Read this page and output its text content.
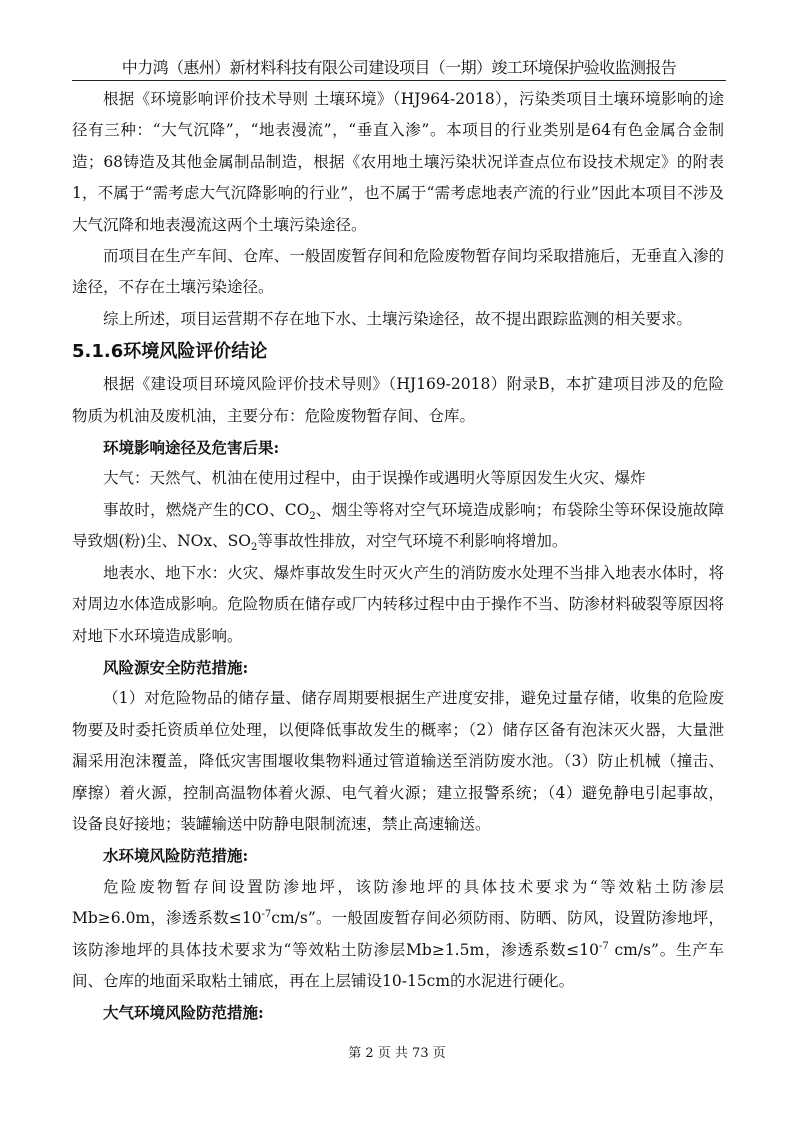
中力鸿（惠州）新材料科技有限公司建设项目（一期）竣工环境保护验收监测报告

根据《环境影响评价技术导则 土壤环境》（HJ964-2018），污染类项目土壤环境影响的途径有三种：“大气沉降”，“地表漫流”，“垂直入渗”。本项目的行业类别是64有色金属合金制造；68铸造及其他金属制品制造，根据《农用地土壤污染状况详查点位布设技术规定》的附表1，不属于“需考虑大气沉降影响的行业”，也不属于“需考虑地表产流的行业”因此本项目不涉及大气沉降和地表漫流这两个土壤污染途径。

而项目在生产车间、仓库、一般固废暂存间和危险废物暂存间均采取措施后，无垂直入渗的途径，不存在土壤污染途径。

综上所述，项目运营期不存在地下水、土壤污染途径，故不提出跟踪监测的相关要求。

5.1.6环境风险评价结论

根据《建设项目环境风险评价技术导则》（HJ169-2018）附录B，本扩建项目涉及的危险物质为机油及废机油，主要分布：危险废物暂存间、仓库。

环境影响途径及危害后果:

大气：天然气、机油在使用过程中，由于误操作或遇明火等原因发生火灾、爆炸

事故时，燃烧产生的CO、$CO_2$、烟尘等将对空气环境造成影响；布袋除尘等环保设施故障导致烟(粉)尘、NOx、$SO_2$等事故性排放，对空气环境不利影响将增加。

地表水、地下水：火灾、爆炸事故发生时灭火产生的消防废水处理不当排入地表水体时，将对周边水体造成影响。危险物质在储存或厂内转移过程中由于操作不当、防渗材料破裂等原因将对地下水环境造成影响。

风险源安全防范措施:

（1）对危险物品的储存量、储存周期要根据生产进度安排，避免过量存储，收集的危险废物要及时委托资质单位处理，以便降低事故发生的概率；（2）储存区备有泡沫灭火器，大量泄漏采用泡沫覆盖，降低灾害围堰收集物料通过管道输送至消防废水池。（3）防止机械（撞击、摩擦）着火源，控制高温物体着火源、电气着火源；建立报警系统；（4）避免静电引起事故，设备良好接地；装罐输送中防静电限制流速，禁止高速输送。

水环境风险防范措施:

危险废物暂存间设置防渗地坪，该防渗地坪的具体技术要求为“等效粘土防渗层Mb≥6.0m，渗透系数$\le 10^{-7}cm/s$”。一般固废暂存间必须防雨、防晒、防风，设置防渗地坪，该防渗地坪的具体技术要求为“等效粘土防渗层Mb≥1.5m，渗透系数$\le 10^{-7}$ cm/s”。生产车间、仓库的地面采取粘土铺底，再在上层铺设10-15cm的水泥进行硬化。

大气环境风险防范措施:

第 2 页 共 73 页
